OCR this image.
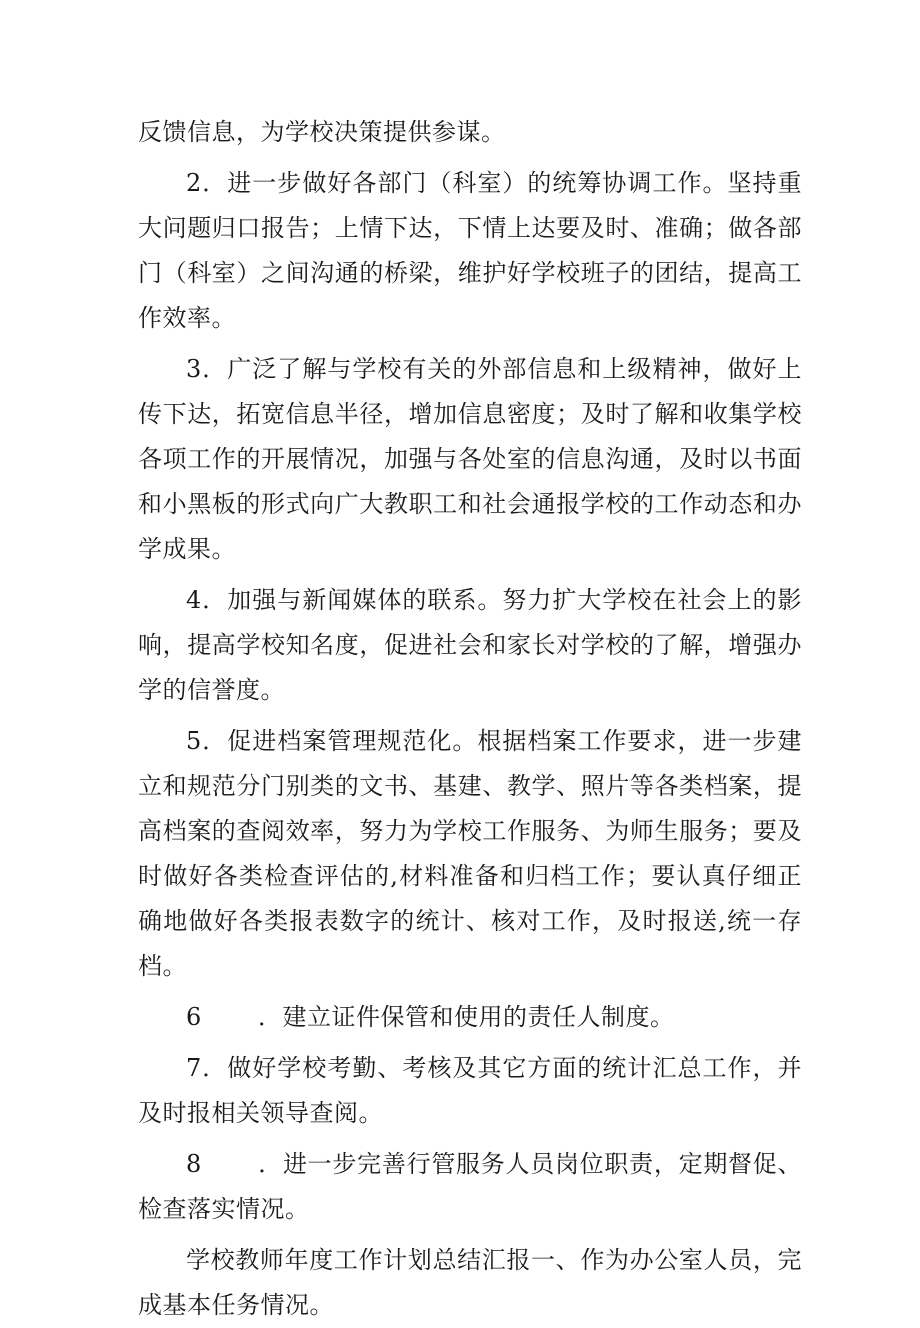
反馈信息，为学校决策提供参谋。

2．进一步做好各部门（科室）的统筹协调工作。坚持重大问题归口报告；上情下达，下情上达要及时、准确；做各部门（科室）之间沟通的桥梁，维护好学校班子的团结，提高工作效率。

3．广泛了解与学校有关的外部信息和上级精神，做好上传下达，拓宽信息半径，增加信息密度；及时了解和收集学校各项工作的开展情况，加强与各处室的信息沟通，及时以书面和小黑板的形式向广大教职工和社会通报学校的工作动态和办学成果。

4．加强与新闻媒体的联系。努力扩大学校在社会上的影响，提高学校知名度，促进社会和家长对学校的了解，增强办学的信誉度。

5．促进档案管理规范化。根据档案工作要求，进一步建立和规范分门别类的文书、基建、教学、照片等各类档案，提高档案的查阅效率，努力为学校工作服务、为师生服务；要及时做好各类检查评估的,材料准备和归档工作；要认真仔细正确地做好各类报表数字的统计、核对工作，及时报送,统一存档。

6 ．建立证件保管和使用的责任人制度。

7．做好学校考勤、考核及其它方面的统计汇总工作，并及时报相关领导查阅。

8 ．进一步完善行管服务人员岗位职责，定期督促、检查落实情况。

学校教师年度工作计划总结汇报一、作为办公室人员，完成基本任务情况。
